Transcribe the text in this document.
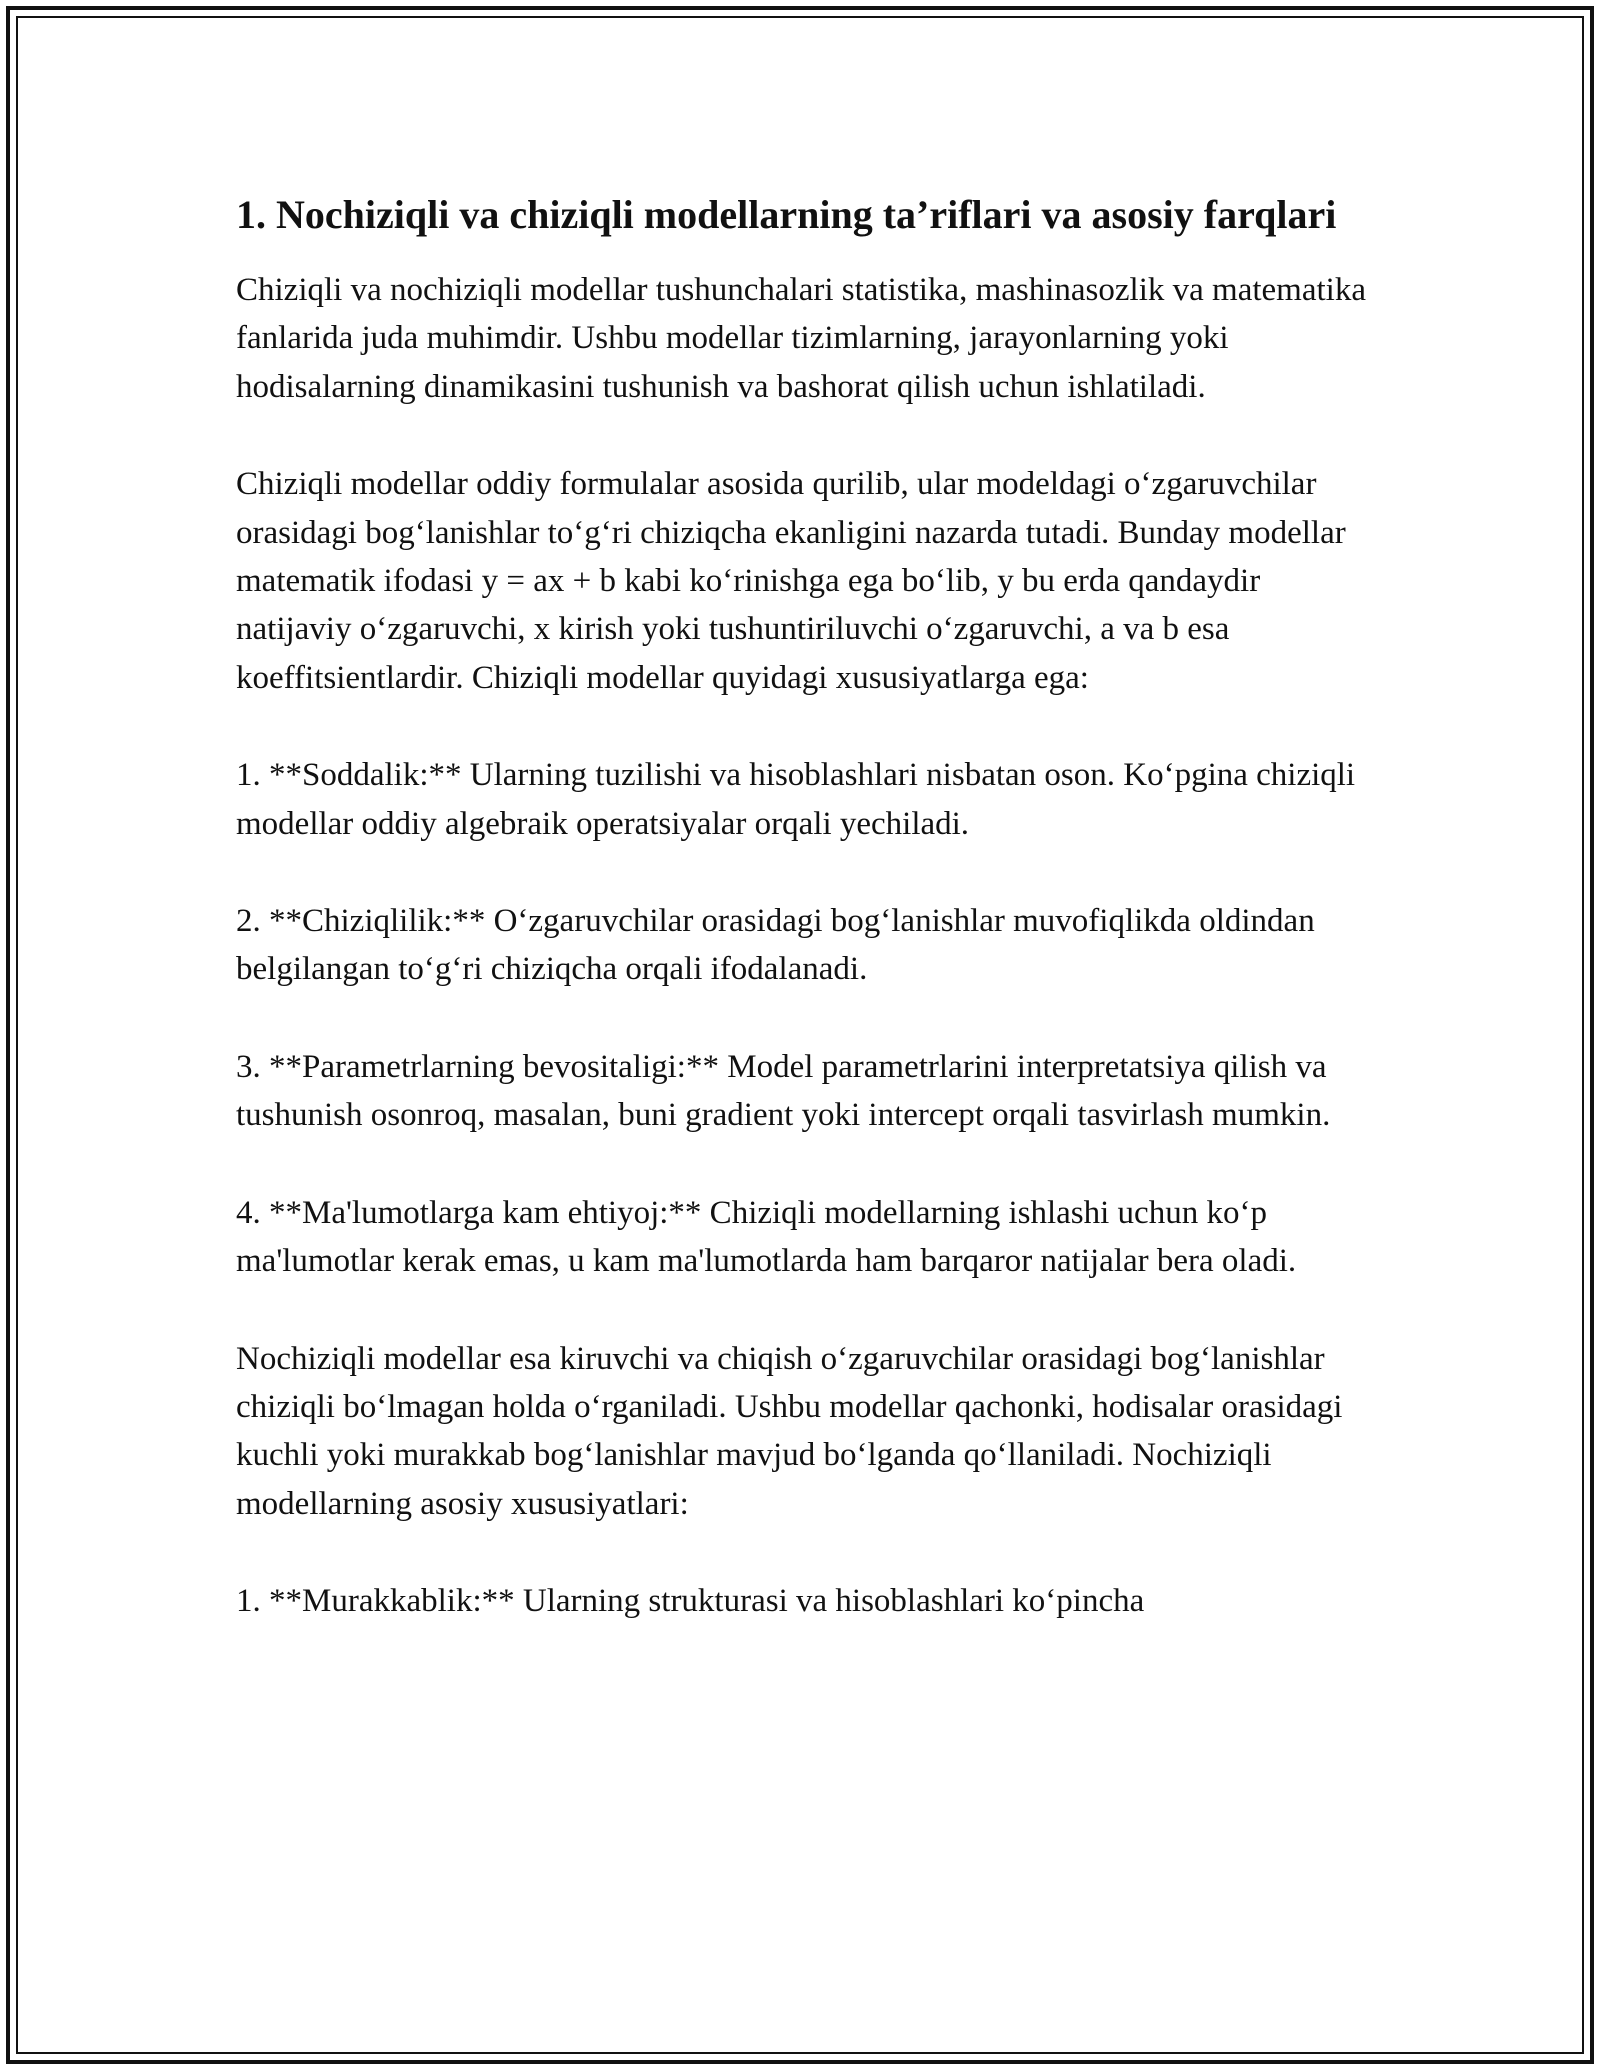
1. Nochiziqli va chiziqli modellarning ta’riflari va asosiy farqlari

Chiziqli va nochiziqli modellar tushunchalari statistika, mashinasozlik va matematika fanlarida juda muhimdir. Ushbu modellar tizimlarning, jarayonlarning yoki hodisalarning dinamikasini tushunish va bashorat qilish uchun ishlatiladi.

Chiziqli modellar oddiy formulalar asosida qurilib, ular modeldagi o‘zgaruvchilar orasidagi bog‘lanishlar to‘g‘ri chiziqcha ekanligini nazarda tutadi. Bunday modellar matematik ifodasi y = ax + b kabi ko‘rinishga ega bo‘lib, y bu erda qandaydir natijaviy o‘zgaruvchi, x kirish yoki tushuntiriluvchi o‘zgaruvchi, a va b esa koeffitsientlardir. Chiziqli modellar quyidagi xususiyatlarga ega:

1. **Soddalik:** Ularning tuzilishi va hisoblashlari nisbatan oson. Ko‘pgina chiziqli modellar oddiy algebraik operatsiyalar orqali yechiladi.

2. **Chiziqlilik:** O‘zgaruvchilar orasidagi bog‘lanishlar muvofiqlikda oldindan belgilangan to‘g‘ri chiziqcha orqali ifodalanadi.

3. **Parametrlarning bevositaligi:** Model parametrlarini interpretatsiya qilish va tushunish osonroq, masalan, buni gradient yoki intercept orqali tasvirlash mumkin.

4. **Ma'lumotlarga kam ehtiyoj:** Chiziqli modellarning ishlashi uchun ko‘p ma'lumotlar kerak emas, u kam ma'lumotlarda ham barqaror natijalar bera oladi.

Nochiziqli modellar esa kiruvchi va chiqish o‘zgaruvchilar orasidagi bog‘lanishlar chiziqli bo‘lmagan holda o‘rganiladi. Ushbu modellar qachonki, hodisalar orasidagi kuchli yoki murakkab bog‘lanishlar mavjud bo‘lganda qo‘llaniladi. Nochiziqli modellarning asosiy xususiyatlari:

1. **Murakkablik:** Ularning strukturasi va hisoblashlari ko‘pincha
